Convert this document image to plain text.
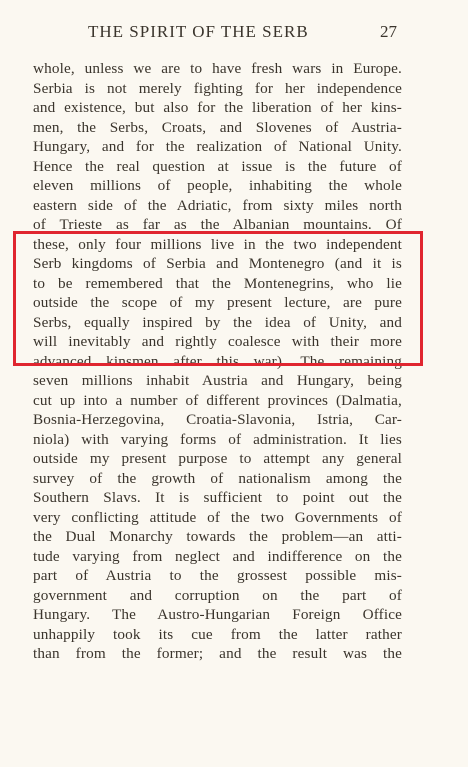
THE SPIRIT OF THE SERB	27
whole, unless we are to have fresh wars in Europe.
Serbia is not merely fighting for her independence
and existence, but also for the liberation of her kins-
men, the Serbs, Croats, and Slovenes of Austria-
Hungary, and for the realization of National Unity.
Hence the real question at issue is the future of
eleven millions of people, inhabiting the whole
eastern side of the Adriatic, from sixty miles north
of Trieste as far as the Albanian mountains. Of
these, only four millions live in the two independent
Serb kingdoms of Serbia and Montenegro (and it is
to be remembered that the Montenegrins, who lie
outside the scope of my present lecture, are pure
Serbs, equally inspired by the idea of Unity, and
will inevitably and rightly coalesce with their more
advanced kinsmen after this war). The remaining
seven millions inhabit Austria and Hungary, being
cut up into a number of different provinces (Dalmatia,
Bosnia-Herzegovina, Croatia-Slavonia, Istria, Car-
niola) with varying forms of administration. It lies
outside my present purpose to attempt any general
survey of the growth of nationalism among the
Southern Slavs. It is sufficient to point out the
very conflicting attitude of the two Governments of
the Dual Monarchy towards the problem—an atti-
tude varying from neglect and indifference on the
part of Austria to the grossest possible mis-
government and corruption on the part of
Hungary. The Austro-Hungarian Foreign Office
unhappily took its cue from the latter rather
than from the former; and the result was the
